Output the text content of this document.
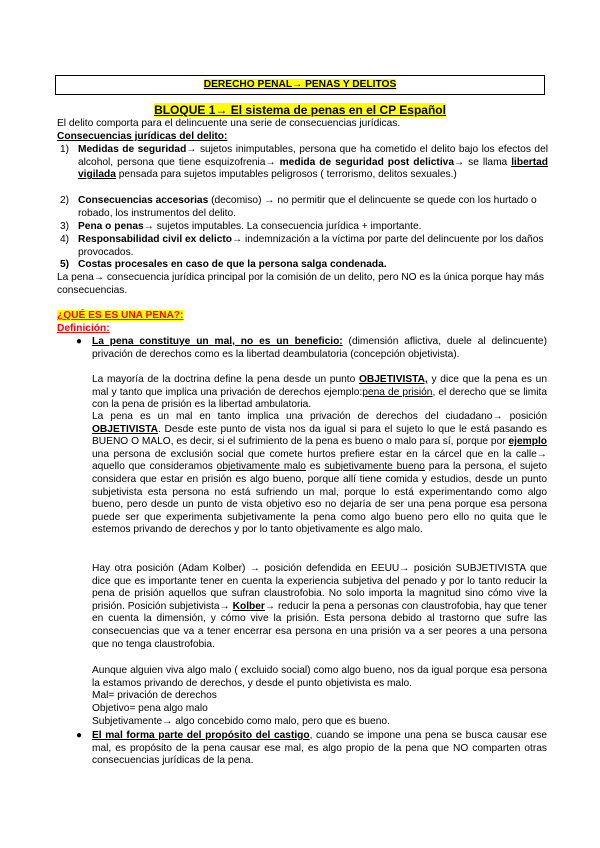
DERECHO PENAL→ PENAS Y DELITOS
BLOQUE 1→ El sistema de penas en el CP Español

El delito comporta para el delincuente una serie de consecuencias jurídicas.

Consecuencias jurídicas del delito:

1) Medidas de seguridad→ sujetos inimputables, persona que ha cometido el delito bajo los efectos del alcohol, persona que tiene esquizofrenia→ medida de seguridad post delictiva→ se llama libertad vigilada pensada para sujetos imputables peligrosos ( terrorismo, delitos sexuales.)
2) Consecuencias accesorias (decomiso) → no permitir que el delincuente se quede con los hurtado o robado, los instrumentos del delito.
3) Pena o penas→ sujetos imputables. La consecuencia jurídica + importante.
4) Responsabilidad civil ex delicto→ indemnización a la víctima por parte del delincuente por los daños provocados.
5) Costas procesales en caso de que la persona salga condenada.

La pena→ consecuencia jurídica principal por la comisión de un delito, pero NO es la única porque hay más consecuencias.

¿QUÉ ES ES UNA PENA?:

Definición:

● La pena constituye un mal, no es un beneficio: (dimensión aflictiva, duele al delincuente) privación de derechos como es la libertad deambulatoria (concepción objetivista).

La mayoría de la doctrina define la pena desde un punto OBJETIVISTA, y dice que la pena es un mal y tanto que implica una privación de derechos ejemplo:pena de prisión, el derecho que se limita con la pena de prisión es la libertad ambulatoria.

La pena es un mal en tanto implica una privación de derechos del ciudadano→ posición OBJETIVISTA. Desde este punto de vista nos da igual si para el sujeto lo que le está pasando es BUENO O MALO, es decir, si el sufrimiento de la pena es bueno o malo para sí, porque por ejemplo una persona de exclusión social que comete hurtos prefiere estar en la cárcel que en la calle→ aquello que consideramos objetivamente malo es subjetivamente bueno para la persona, el sujeto considera que estar en prisión es algo bueno, porque allí tiene comida y estudios, desde un punto subjetivista esta persona no está sufriendo un mal, porque lo está experimentando como algo bueno, pero desde un punto de vista objetivo eso no dejaría de ser una pena porque esa persona puede ser que experimenta subjetivamente la pena como algo bueno pero ello no quita que le estemos privando de derechos y por lo tanto objetivamente es algo malo.

Hay otra posición (Adam Kolber) → posición defendida en EEUU→ posición SUBJETIVISTA que dice que es importante tener en cuenta la experiencia subjetiva del penado y por lo tanto reducir la pena de prisión aquellos que sufran claustrofobia. No solo importa la magnitud sino cómo vive la prisión. Posición subjetivista→ Kolber→ reducir la pena a personas con claustrofobia, hay que tener en cuenta la dimensión, y cómo vive la prisión. Esta persona debido al trastorno que sufre las consecuencias que va a tener encerrar esa persona en una prisión va a ser peores a una persona que no tenga claustrofobia.

Aunque alguien viva algo malo ( excluido social) como algo bueno, nos da igual porque esa persona la estamos privando de derechos, y desde el punto objetivista es malo.

Mal= privación de derechos

Objetivo= pena algo malo

Subjetivamente→ algo concebido como malo, pero que es bueno.

● El mal forma parte del propósito del castigo, cuando se impone una pena se busca causar ese mal, es propósito de la pena causar ese mal, es algo propio de la pena que NO comparten otras consecuencias jurídicas de la pena.
